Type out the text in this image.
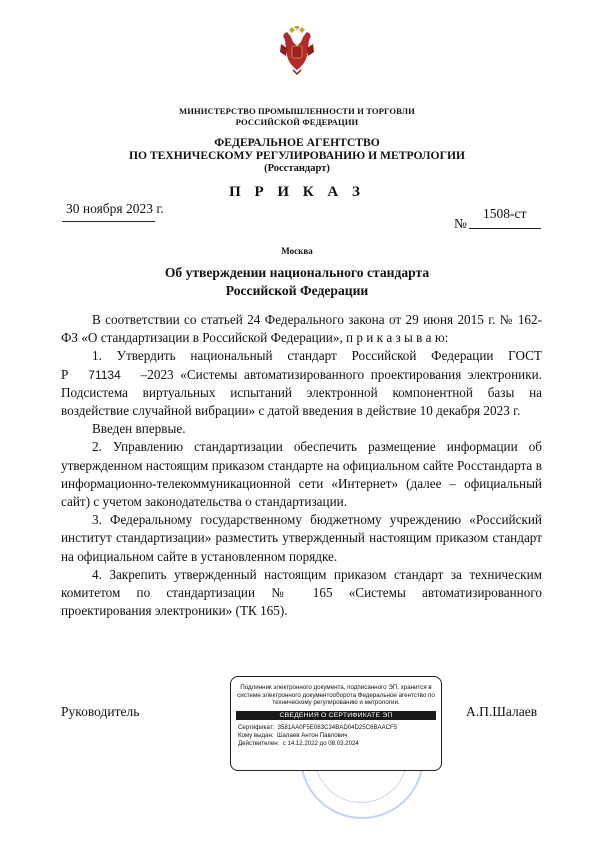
МИНИСТЕРСТВО ПРОМЫШЛЕННОСТИ И ТОРГОВЛИ
РОССИЙСКОЙ ФЕДЕРАЦИИ
ФЕДЕРАЛЬНОЕ АГЕНТСТВО
ПО ТЕХНИЧЕСКОМУ РЕГУЛИРОВАНИЮ И МЕТРОЛОГИИ
(Росстандарт)
П Р И К А З
30 ноября 2023 г.
№
1508-ст
Москва
Об утверждении национального стандарта
Российской Федерации

В соответствии со статьей 24 Федерального закона от 29 июня 2015 г. № 162-ФЗ «О стандартизации в Российской Федерации», п р и к а з ы в а ю:

1. Утвердить национальный стандарт Российской Федерации ГОСТ Р 71134 –2023 «Системы автоматизированного проектирования электроники. Подсистема виртуальных испытаний электронной компонентной базы на воздействие случайной вибрации» с датой введения в действие 10 декабря 2023 г.

Введен впервые.

2. Управлению стандартизации обеспечить размещение информации об утвержденном настоящим приказом стандарте на официальном сайте Росстандарта в информационно-телекоммуникационной сети «Интернет» (далее – официальный сайт) с учетом законодательства о стандартизации.

3. Федеральному государственному бюджетному учреждению «Российский институт стандартизации» разместить утвержденный настоящим приказом стандарт на официальном сайте в установленном порядке.

4. Закрепить утвержденный настоящим приказом стандарт за техническим комитетом по стандартизации № 165 «Системы автоматизированного проектирования электроники» (ТК 165).

Руководитель	А.П.Шалаев
Подлинник электронного документа, подписанного ЭП, хранится в системе электронного документооборота Федеральное агентство по техническому регулированию и метрологии.
СВЕДЕНИЯ О СЕРТИФИКАТЕ ЭП
Сертификат: 3581AA0F5E083C34BAD04D25C6BAACF5
Кому выдан: Шалаев Антон Павлович
Действителен: с 14.12.2022 до 08.03.2024
